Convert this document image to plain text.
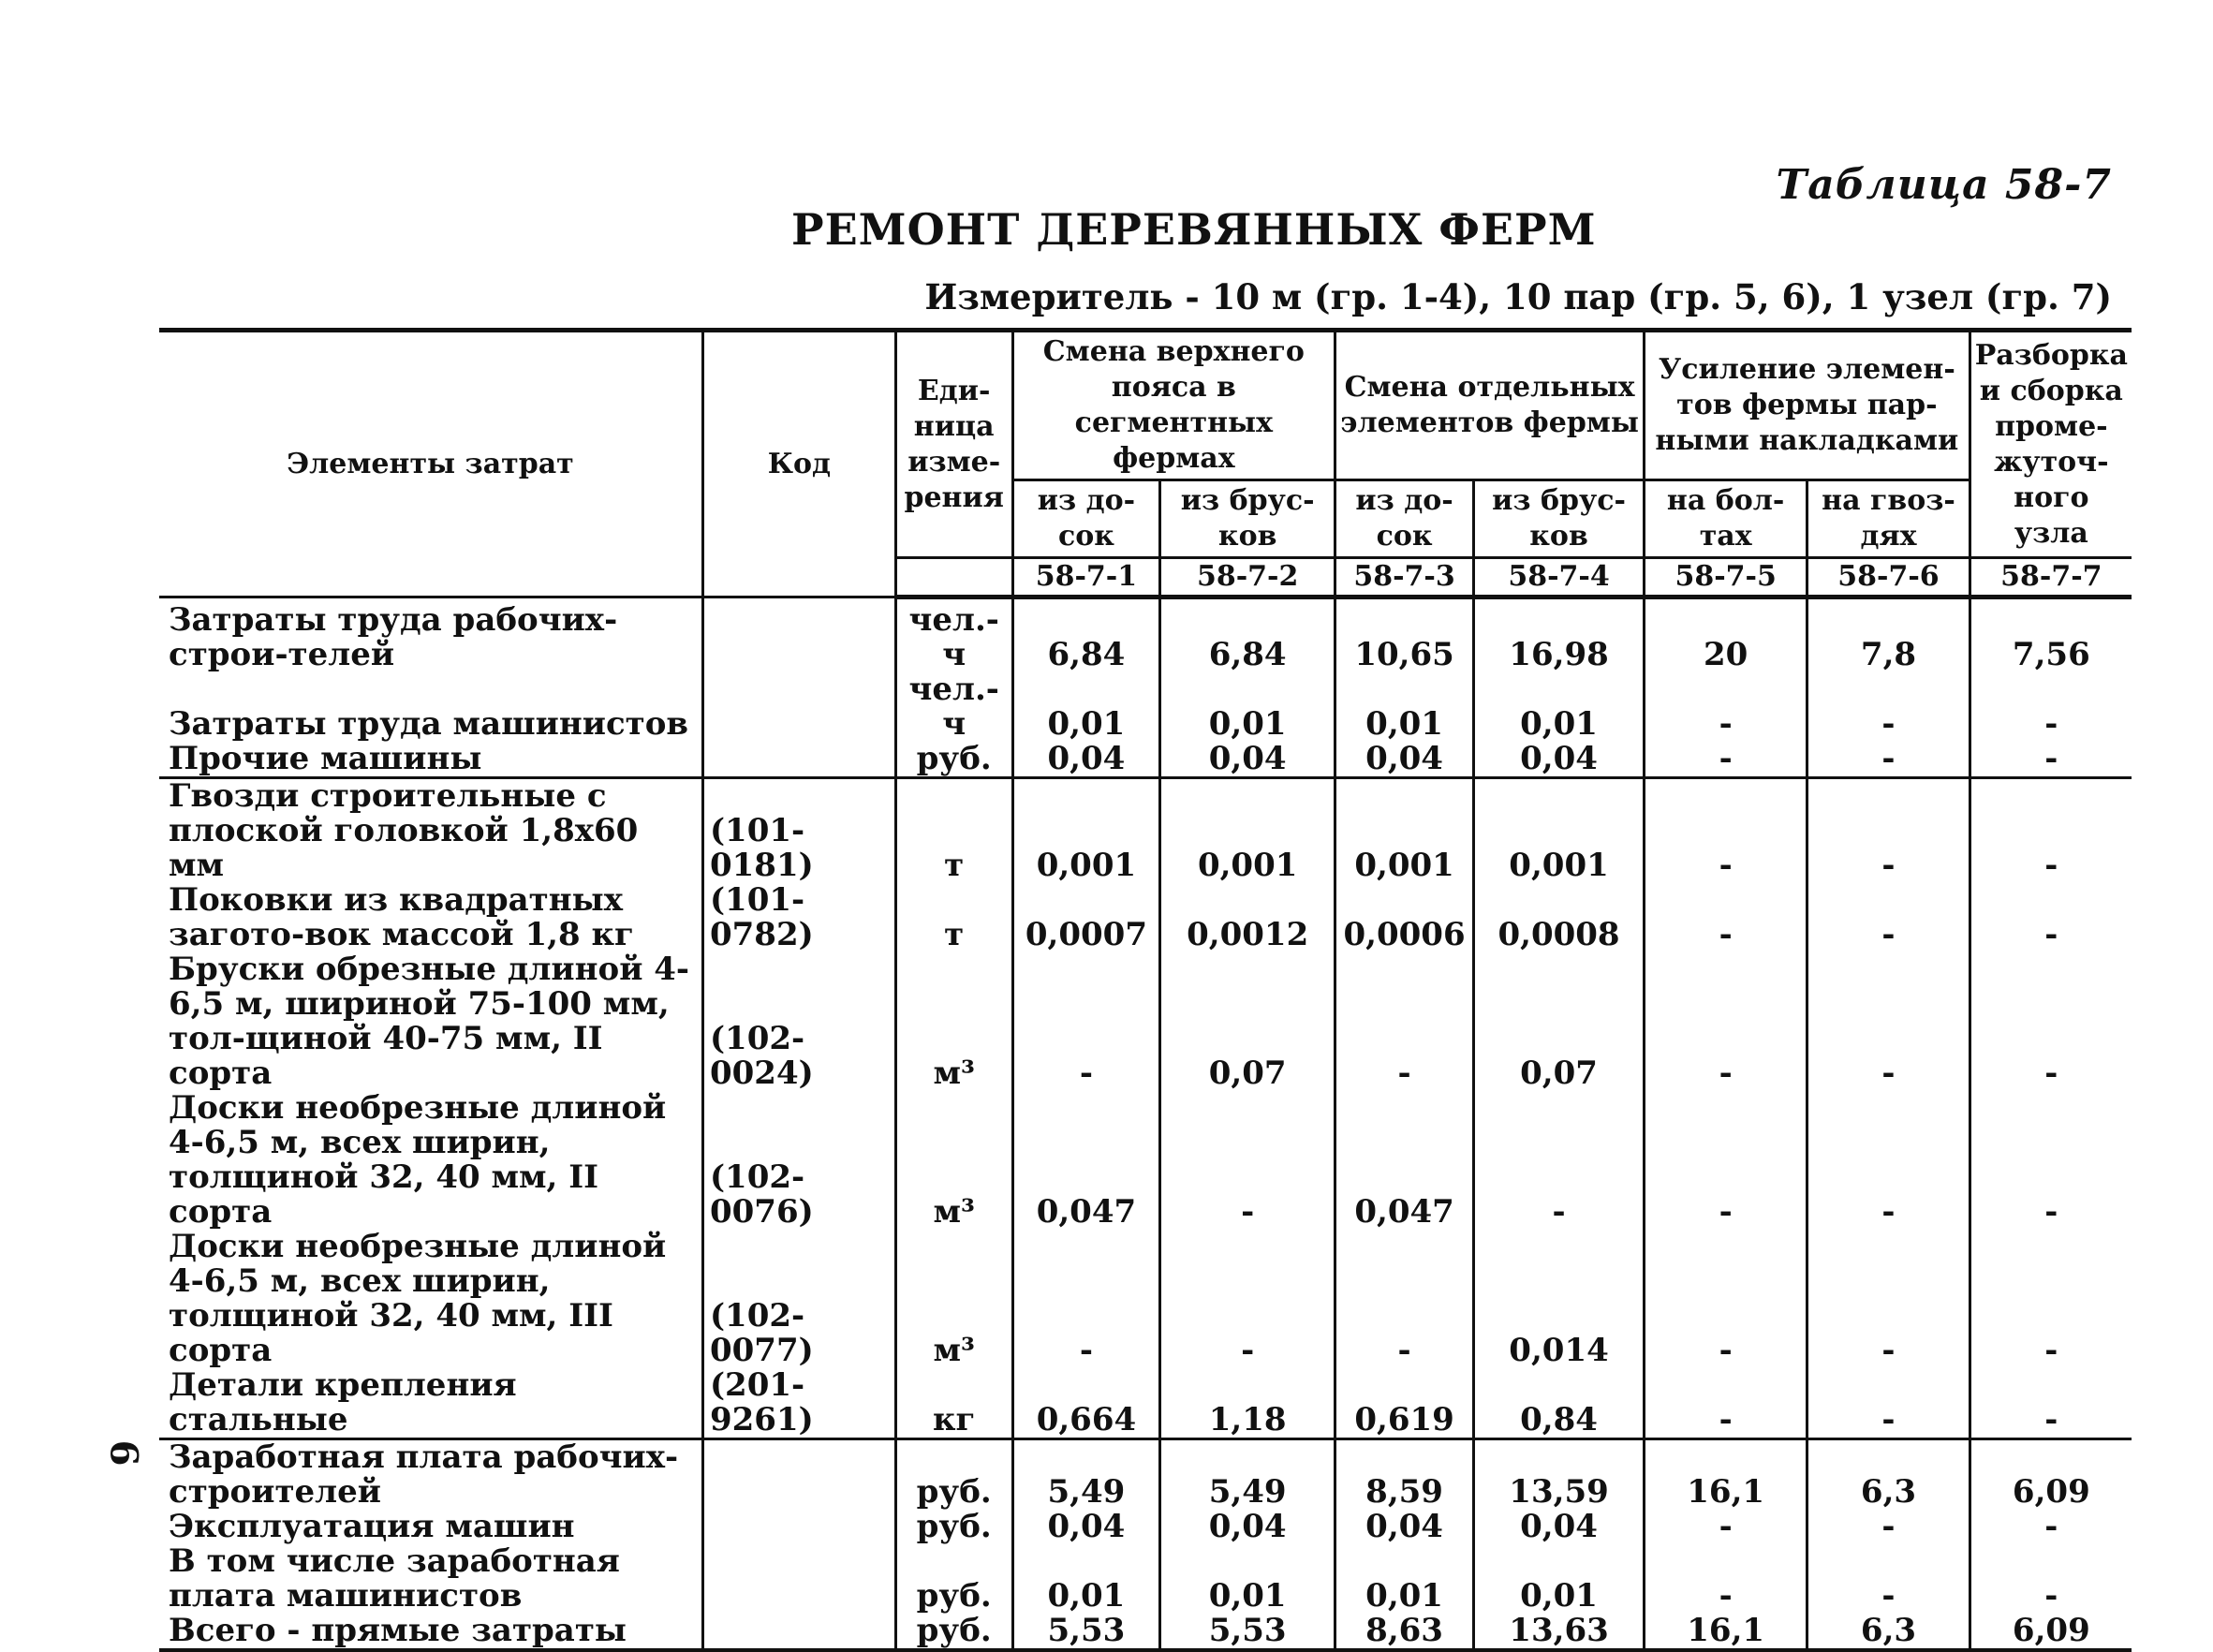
Таблица 58-7
РЕМОНТ ДЕРЕВЯННЫХ ФЕРМ
Измеритель - 10 м (гр. 1-4), 10 пар (гр. 5, 6), 1 узел (гр. 7)
6
Элементы затрат	Код	Еди-ница изме-рения	Смена верхнего пояса в сегментных фермах		Смена отдельных элементов фермы		Усиление элемен-тов фермы пар-ными накладками		Разборка и сборка проме-жуточ-ного узла
			из до-сок	из брус-ков	из до-сок	из брус-ков	на бол-тах	на гвоз-дях	
			58-7-1	58-7-2	58-7-3	58-7-4	58-7-5	58-7-6	58-7-7
Затраты труда рабочих-строи-телей		чел.-ч	6,84	6,84	10,65	16,98	20	7,8	7,56
Затраты труда машинистов		чел.-ч	0,01	0,01	0,01	0,01	-	-	-
Прочие машины		руб.	0,04	0,04	0,04	0,04	-	-	-
Гвозди строительные с плоской головкой 1,8х60 мм	(101-0181)	т	0,001	0,001	0,001	0,001	-	-	-
Поковки из квадратных загото-вок массой 1,8 кг	(101-0782)	т	0,0007	0,0012	0,0006	0,0008	-	-	-
Бруски обрезные длиной 4-6,5 м, шириной 75-100 мм, тол-щиной 40-75 мм, II сорта	(102-0024)	м³	-	0,07	-	0,07	-	-	-
Доски необрезные длиной 4-6,5 м, всех ширин, толщиной 32, 40 мм, II сорта	(102-0076)	м³	0,047	-	0,047	-	-	-	-
Доски необрезные длиной 4-6,5 м, всех ширин, толщиной 32, 40 мм, III сорта	(102-0077)	м³	-	-	-	0,014	-	-	-
Детали крепления стальные	(201-9261)	кг	0,664	1,18	0,619	0,84	-	-	-
Заработная плата рабочих-строителей		руб.	5,49	5,49	8,59	13,59	16,1	6,3	6,09
Эксплуатация машин		руб.	0,04	0,04	0,04	0,04	-	-	-
В том числе заработная плата машинистов		руб.	0,01	0,01	0,01	0,01	-	-	-
Всего - прямые затраты		руб.	5,53	5,53	8,63	13,63	16,1	6,3	6,09
